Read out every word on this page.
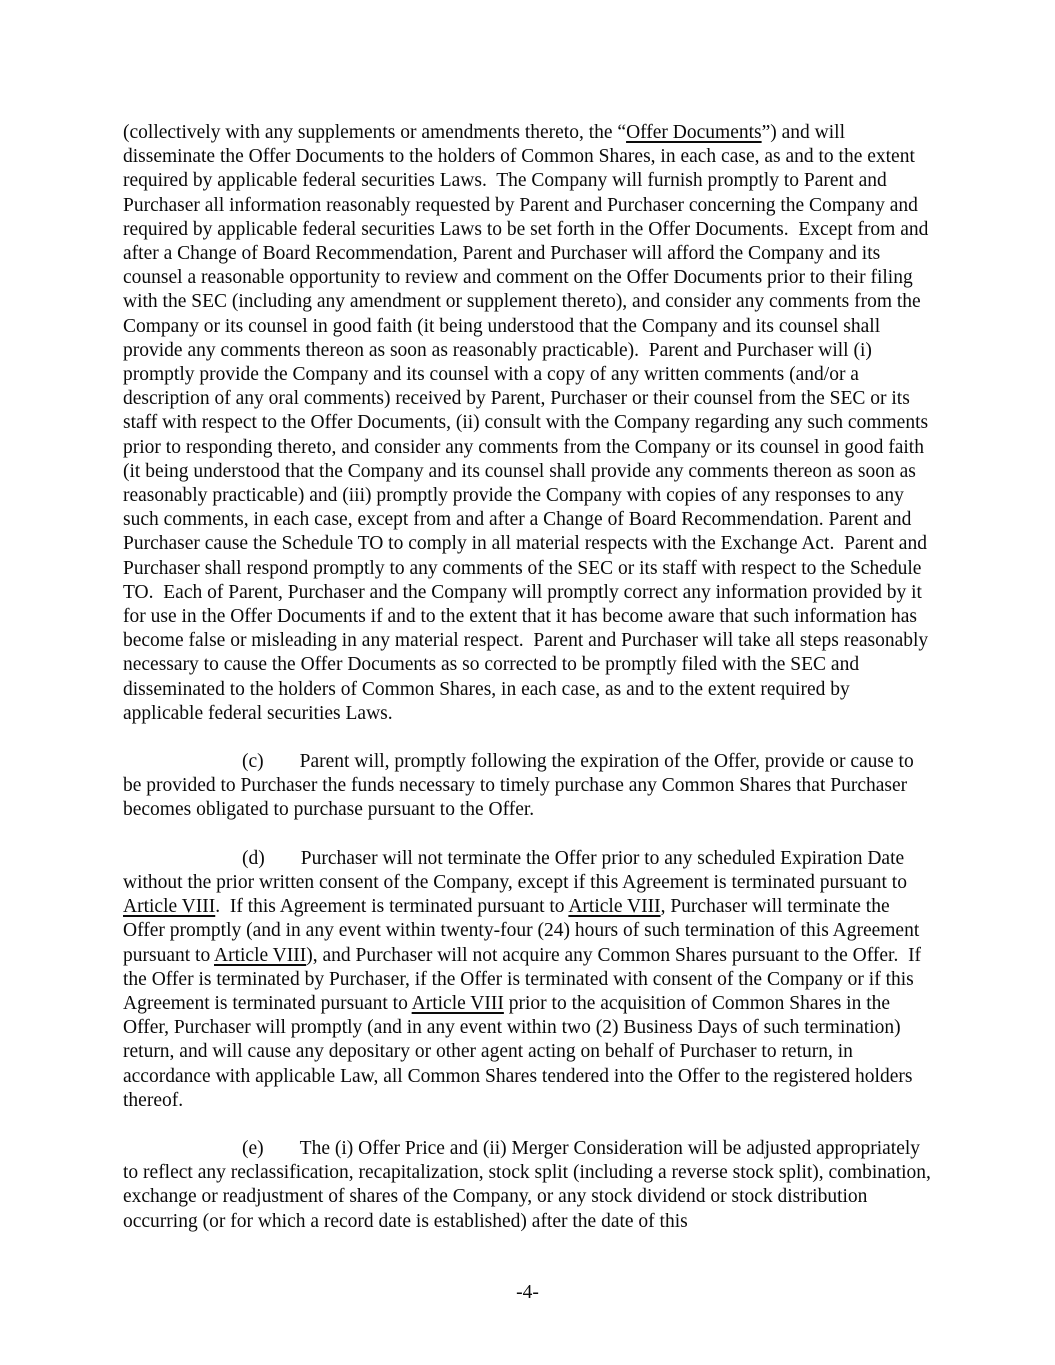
(collectively with any supplements or amendments thereto, the “Offer Documents”) and will disseminate the Offer Documents to the holders of Common Shares, in each case, as and to the extent required by applicable federal securities Laws.  The Company will furnish promptly to Parent and Purchaser all information reasonably requested by Parent and Purchaser concerning the Company and required by applicable federal securities Laws to be set forth in the Offer Documents.  Except from and after a Change of Board Recommendation, Parent and Purchaser will afford the Company and its counsel a reasonable opportunity to review and comment on the Offer Documents prior to their filing with the SEC (including any amendment or supplement thereto), and consider any comments from the Company or its counsel in good faith (it being understood that the Company and its counsel shall provide any comments thereon as soon as reasonably practicable).  Parent and Purchaser will (i) promptly provide the Company and its counsel with a copy of any written comments (and/or a description of any oral comments) received by Parent, Purchaser or their counsel from the SEC or its staff with respect to the Offer Documents, (ii) consult with the Company regarding any such comments prior to responding thereto, and consider any comments from the Company or its counsel in good faith (it being understood that the Company and its counsel shall provide any comments thereon as soon as reasonably practicable) and (iii) promptly provide the Company with copies of any responses to any such comments, in each case, except from and after a Change of Board Recommendation. Parent and Purchaser cause the Schedule TO to comply in all material respects with the Exchange Act.  Parent and Purchaser shall respond promptly to any comments of the SEC or its staff with respect to the Schedule TO.  Each of Parent, Purchaser and the Company will promptly correct any information provided by it for use in the Offer Documents if and to the extent that it has become aware that such information has become false or misleading in any material respect.  Parent and Purchaser will take all steps reasonably necessary to cause the Offer Documents as so corrected to be promptly filed with the SEC and disseminated to the holders of Common Shares, in each case, as and to the extent required by applicable federal securities Laws.

(c) Parent will, promptly following the expiration of the Offer, provide or cause to be provided to Purchaser the funds necessary to timely purchase any Common Shares that Purchaser becomes obligated to purchase pursuant to the Offer.

(d) Purchaser will not terminate the Offer prior to any scheduled Expiration Date without the prior written consent of the Company, except if this Agreement is terminated pursuant to Article VIII.  If this Agreement is terminated pursuant to Article VIII, Purchaser will terminate the Offer promptly (and in any event within twenty-four (24) hours of such termination of this Agreement pursuant to Article VIII), and Purchaser will not acquire any Common Shares pursuant to the Offer.  If the Offer is terminated by Purchaser, if the Offer is terminated with consent of the Company or if this Agreement is terminated pursuant to Article VIII prior to the acquisition of Common Shares in the Offer, Purchaser will promptly (and in any event within two (2) Business Days of such termination) return, and will cause any depositary or other agent acting on behalf of Purchaser to return, in accordance with applicable Law, all Common Shares tendered into the Offer to the registered holders thereof.

(e) The (i) Offer Price and (ii) Merger Consideration will be adjusted appropriately to reflect any reclassification, recapitalization, stock split (including a reverse stock split), combination, exchange or readjustment of shares of the Company, or any stock dividend or stock distribution occurring (or for which a record date is established) after the date of this

-4-
